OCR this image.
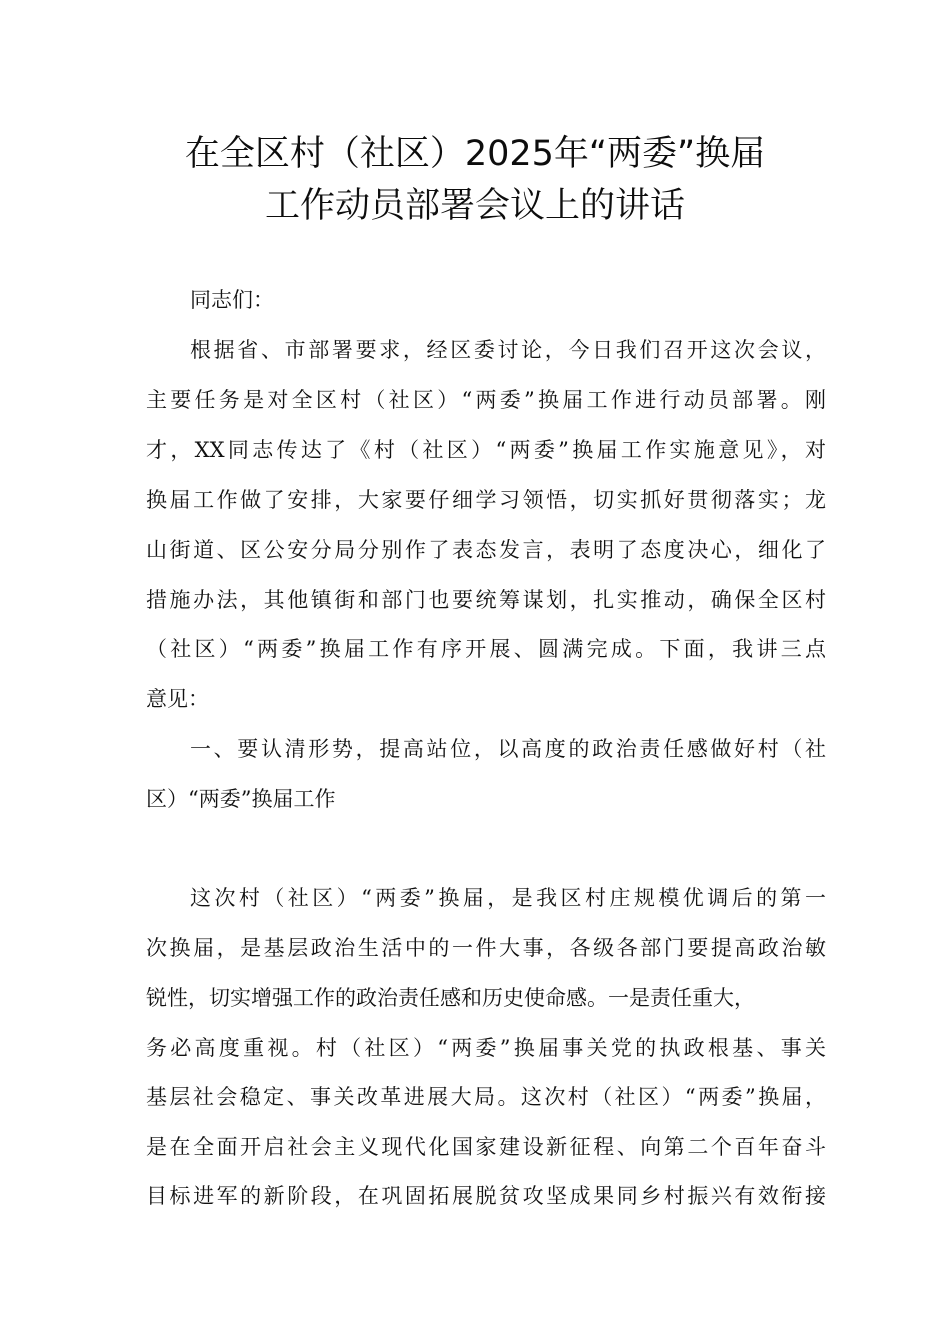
在全区村（社区）2025年“两委”换届
工作动员部署会议上的讲话
同志们：
根据省、市部署要求，经区委讨论，今日我们召开这次会议，
主要任务是对全区村（社区）“两委”换届工作进行动员部署。刚
才，XX同志传达了《村（社区）“两委”换届工作实施意见》，对
换届工作做了安排，大家要仔细学习领悟，切实抓好贯彻落实；龙
山街道、区公安分局分别作了表态发言，表明了态度决心，细化了
措施办法，其他镇街和部门也要统筹谋划，扎实推动，确保全区村
（社区）“两委”换届工作有序开展、圆满完成。下面，我讲三点
意见：
一、要认清形势，提高站位，以高度的政治责任感做好村（社
区）“两委”换届工作
这次村（社区）“两委”换届，是我区村庄规模优调后的第一
次换届，是基层政治生活中的一件大事，各级各部门要提高政治敏
锐性，切实增强工作的政治责任感和历史使命感。一是责任重大，
务必高度重视。村（社区）“两委”换届事关党的执政根基、事关
基层社会稳定、事关改革进展大局。这次村（社区）“两委”换届，
是在全面开启社会主义现代化国家建设新征程、向第二个百年奋斗
目标进军的新阶段，在巩固拓展脱贫攻坚成果同乡村振兴有效衔接
